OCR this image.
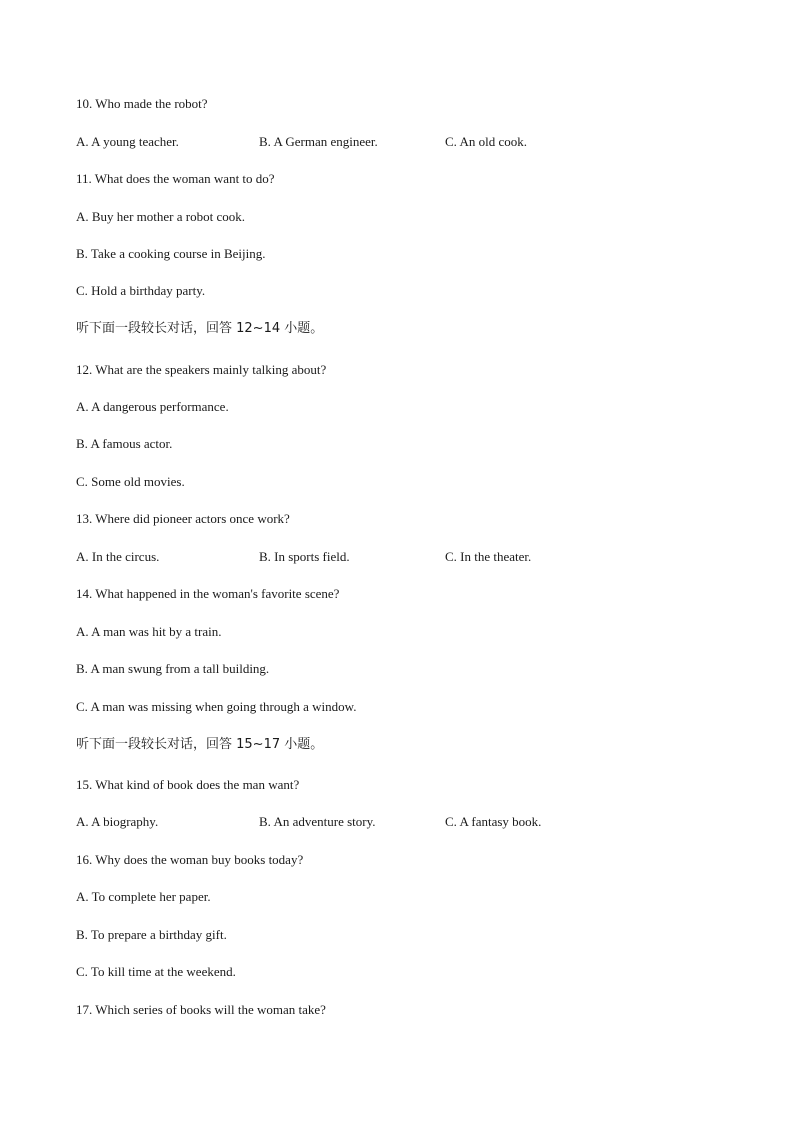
10. Who made the robot?
A. A young teacher.	B. A German engineer.	C. An old cook.
11. What does the woman want to do?
A. Buy her mother a robot cook.
B. Take a cooking course in Beijing.
C. Hold a birthday party.
听下面一段较长对话，回答 12~14 小题。
12. What are the speakers mainly talking about?
A. A dangerous performance.
B. A famous actor.
C. Some old movies.
13. Where did pioneer actors once work?
A. In the circus.	B. In sports field.	C. In the theater.
14. What happened in the woman's favorite scene?
A. A man was hit by a train.
B. A man swung from a tall building.
C. A man was missing when going through a window.
听下面一段较长对话，回答 15~17 小题。
15. What kind of book does the man want?
A. A biography.	B. An adventure story.	C. A fantasy book.
16. Why does the woman buy books today?
A. To complete her paper.
B. To prepare a birthday gift.
C. To kill time at the weekend.
17. Which series of books will the woman take?
